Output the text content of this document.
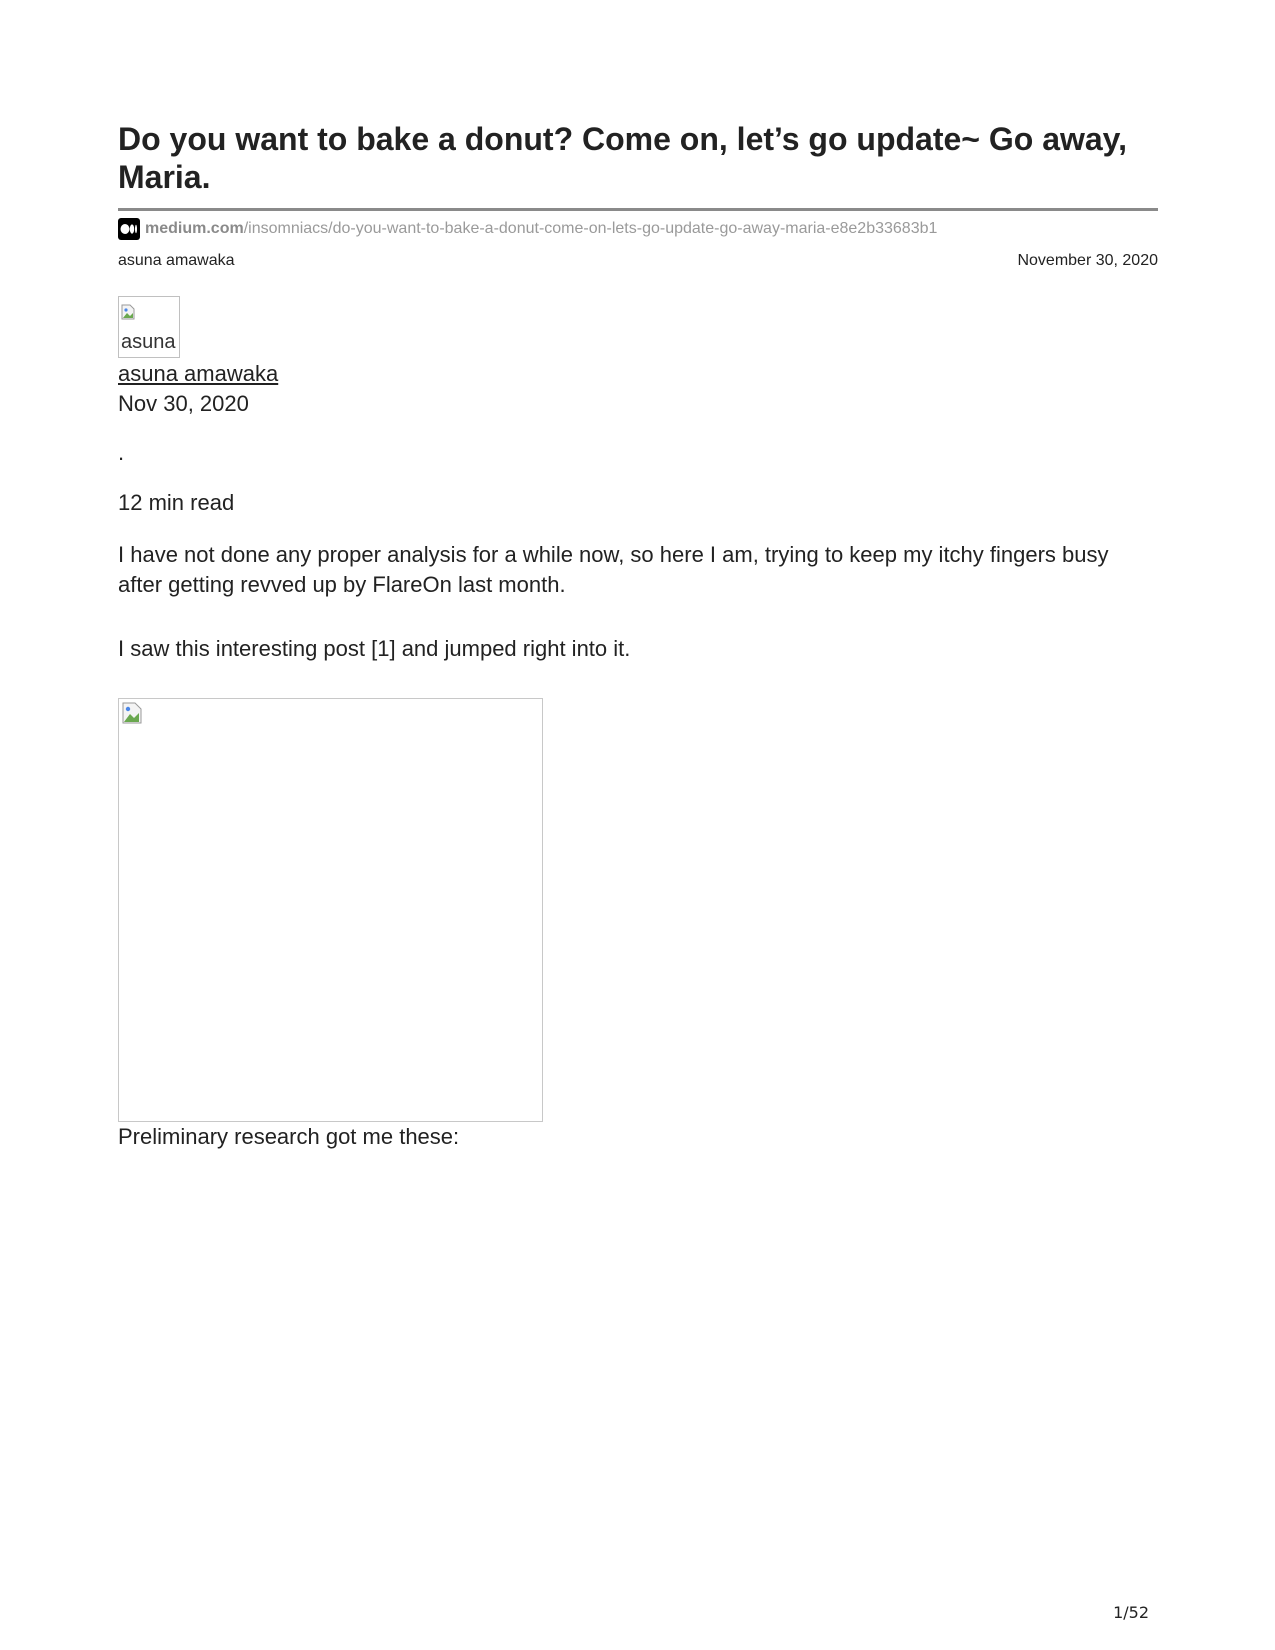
Do you want to bake a donut? Come on, let’s go update~ Go away, Maria.
medium.com /insomniacs/do-you-want-to-bake-a-donut-come-on-lets-go-update-go-away-maria-e8e2b33683b1
asuna amawaka	November 30, 2020
asuna
asuna amawaka
Nov 30, 2020
.
12 min read

I have not done any proper analysis for a while now, so here I am, trying to keep my itchy fingers busy after getting revved up by FlareOn last month.

I saw this interesting post [1] and jumped right into it.

Preliminary research got me these:

1/52
